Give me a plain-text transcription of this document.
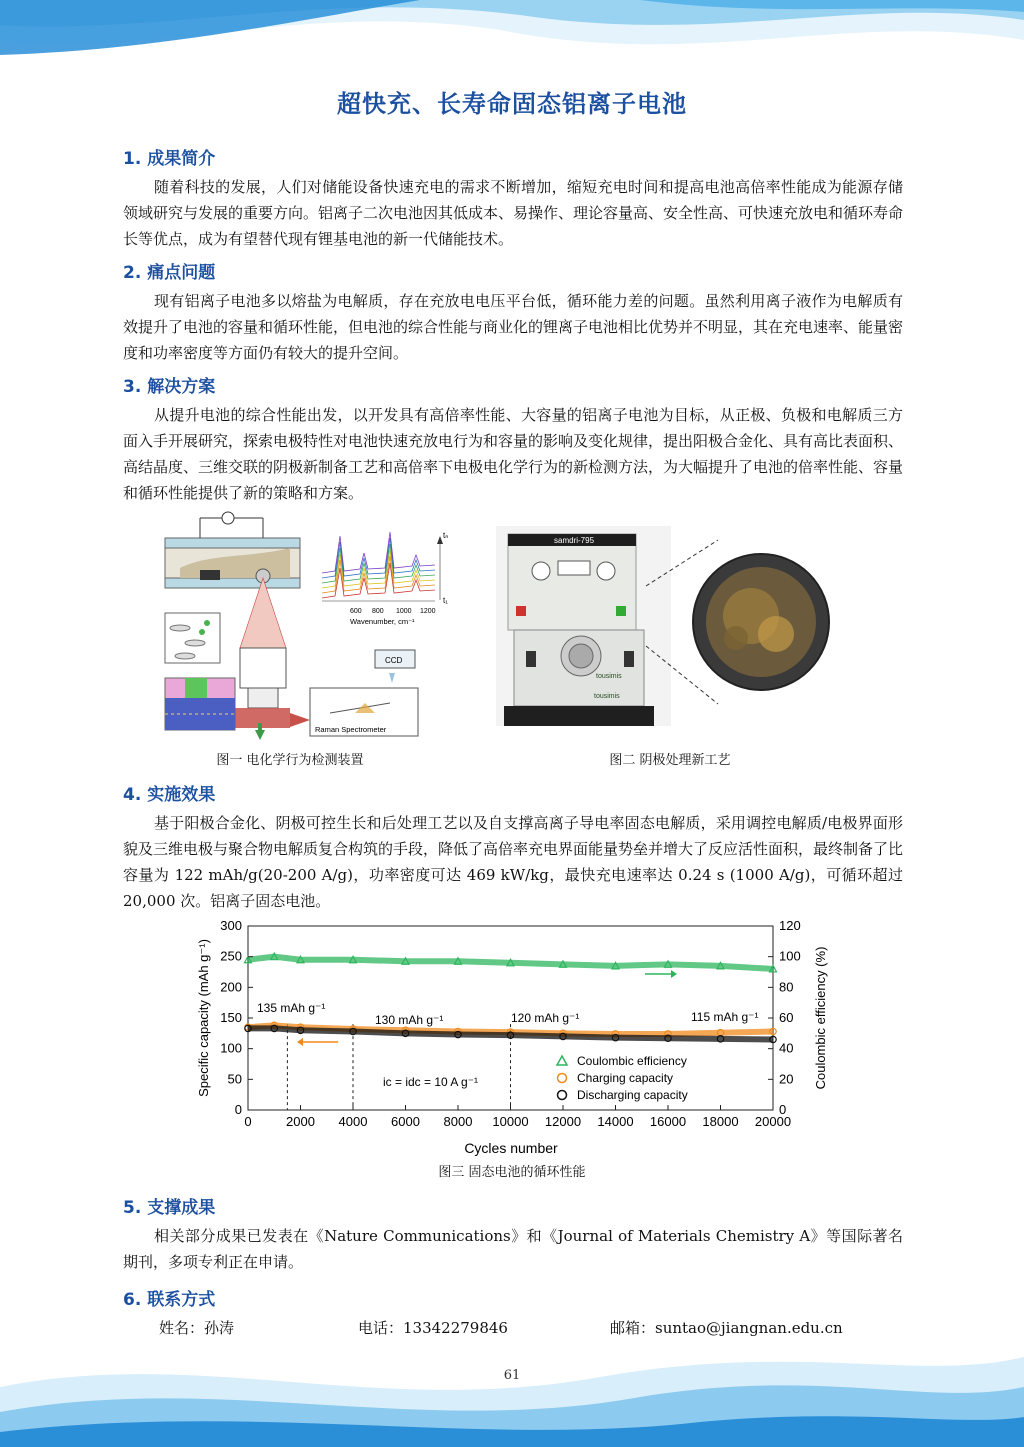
超快充、长寿命固态铝离子电池
1. 成果简介
随着科技的发展，人们对储能设备快速充电的需求不断增加，缩短充电时间和提高电池高倍率性能成为能源存储领域研究与发展的重要方向。铝离子二次电池因其低成本、易操作、理论容量高、安全性高、可快速充放电和循环寿命长等优点，成为有望替代现有锂基电池的新一代储能技术。
2. 痛点问题
现有铝离子电池多以熔盐为电解质，存在充放电电压平台低，循环能力差的问题。虽然利用离子液作为电解质有效提升了电池的容量和循环性能，但电池的综合性能与商业化的锂离子电池相比优势并不明显，其在充电速率、能量密度和功率密度等方面仍有较大的提升空间。
3. 解决方案
从提升电池的综合性能出发，以开发具有高倍率性能、大容量的铝离子电池为目标，从正极、负极和电解质三方面入手开展研究，探索电极特性对电池快速充放电行为和容量的影响及变化规律，提出阳极合金化、具有高比表面积、高结晶度、三维交联的阴极新制备工艺和高倍率下电极电化学行为的新检测方法，为大幅提升了电池的倍率性能、容量和循环性能提供了新的策略和方案。
600 800 1000 1200
Wavenumber, cm⁻¹
tₙ
t₁
CCD
Raman Spectrometer
图一 电化学行为检测装置
samdri-795
tousimis
tousimis
图二 阴极处理新工艺
4. 实施效果
基于阳极合金化、阴极可控生长和后处理工艺以及自支撑高离子导电率固态电解质，采用调控电解质/电极界面形貌及三维电极与聚合物电解质复合构筑的手段，降低了高倍率充电界面能量势垒并增大了反应活性面积，最终制备了比容量为 122 mAh/g(20-200 A/g)，功率密度可达 469 kW/kg，最快充电速率达 0.24 s (1000 A/g)，可循环超过 20,000 次。铝离子固态电池。
0	2000 4000 6000 8000 10000 12000 14000 16000 18000 20000
0
50
100
150
200
250
300
0
20
40
60
80
100
120
Cycles number
Specific capacity (mAh g⁻¹)	Coulombic efficiency (%)
135 mAh g⁻¹
130 mAh g⁻¹	120 mAh g⁻¹	115 mAh g⁻¹
ic = idc = 10 A g⁻¹
Coulombic efficiency
Charging capacity
Discharging capacity
图三 固态电池的循环性能
5. 支撑成果
相关部分成果已发表在《Nature Communications》和《Journal of Materials Chemistry A》等国际著名期刊，多项专利正在申请。
6. 联系方式
姓名：孙涛	电话：13342279846	邮箱：suntao@jiangnan.edu.cn
61
